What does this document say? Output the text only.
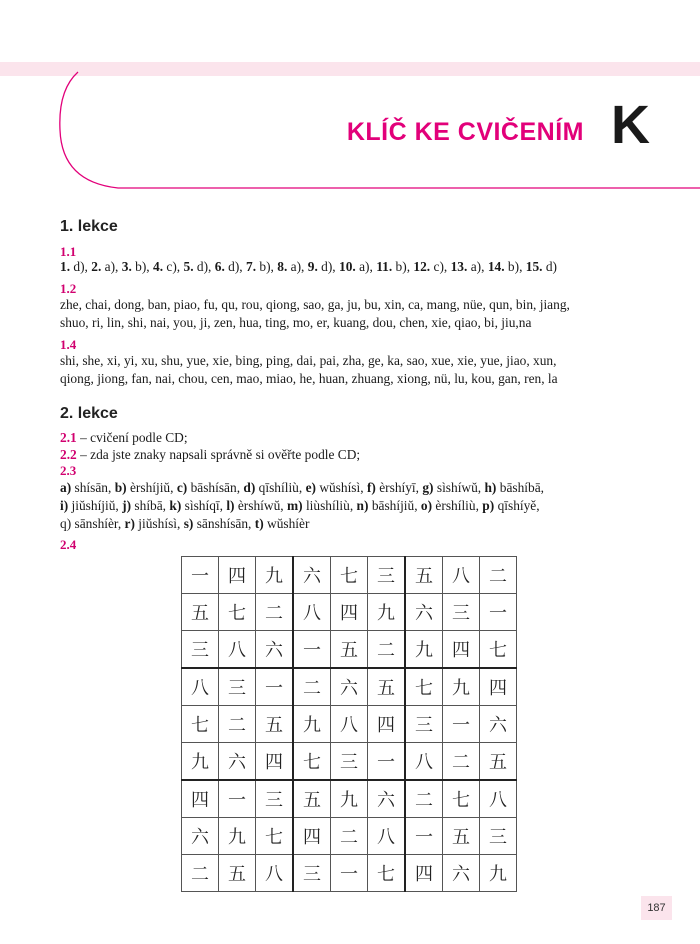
KLÍČ KE CVIČENÍM K
1. lekce
1.1
1. d), 2. a), 3. b), 4. c), 5. d), 6. d), 7. b), 8. a), 9. d), 10. a), 11. b), 12. c), 13. a), 14. b), 15. d)
1.2
zhe, chai, dong, ban, piao, fu, qu, rou, qiong, sao, ga, ju, bu, xin, ca, mang, nüe, qun, bin, jiang,
shuo, ri, lin, shi, nai, you, ji, zen, hua, ting, mo, er, kuang, dou, chen, xie, qiao, bi, jiu,na
1.4
shi, she, xi, yi, xu, shu, yue, xie, bing, ping, dai, pai, zha, ge, ka, sao, xue, xie, yue, jiao, xun,
qiong, jiong, fan, nai, chou, cen, mao, miao, he, huan, zhuang, xiong, nü, lu, kou, gan, ren, la
2. lekce
2.1 – cvičení podle CD;
2.2 – zda jste znaky napsali správně si ověřte podle CD;
2.3
a) shísān, b) èrshíjiŭ, c) bāshísān, d) qīshíliù, e) wŭshísì, f) èrshíyī, g) sìshíwŭ, h) bāshíbā,
i) jiŭshíjiŭ, j) shíbā, k) sìshíqī, l) èrshíwŭ, m) liùshíliù, n) bāshíjiŭ, o) èrshíliù, p) qīshíyě,
q) sānshíèr, r) jiŭshísì, s) sānshísān, t) wŭshíèr
2.4
一	四	九	六	七	三	五	八	二
五	七	二	八	四	九	六	三	一
三	八	六	一	五	二	九	四	七
八	三	一	二	六	五	七	九	四
七	二	五	九	八	四	三	一	六
九	六	四	七	三	一	八	二	五
四	一	三	五	九	六	二	七	八
六	九	七	四	二	八	一	五	三
二	五	八	三	一	七	四	六	九
187
